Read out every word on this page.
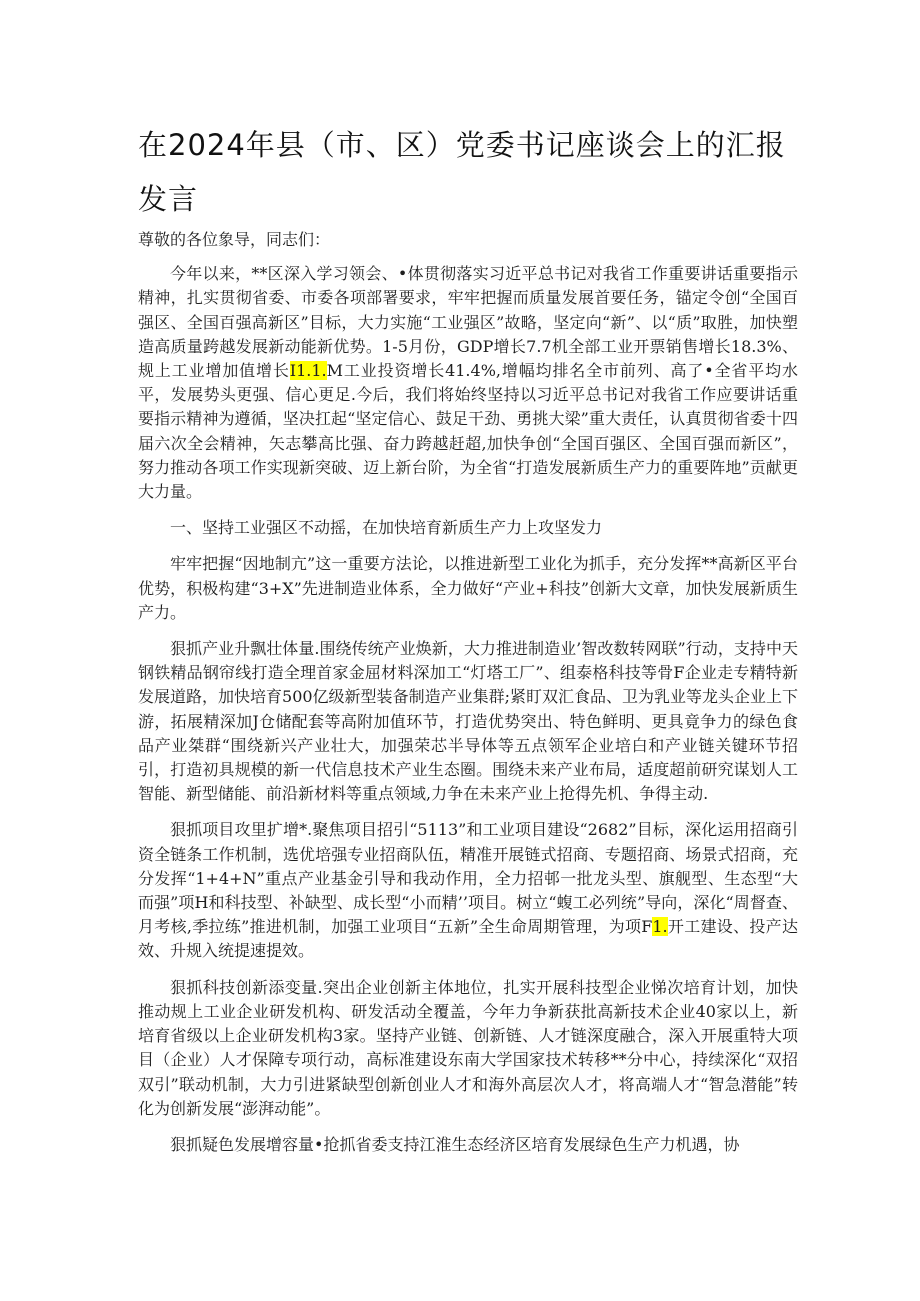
在2024年县（市、区）党委书记座谈会上的汇报发言

尊敬的各位象导，同志们：

今年以来，**区深入学习领会、•体贯彻落实习近平总书记对我省工作重要讲话重要指示精神，扎实贯彻省委、市委各项部署要求，牢牢把握而质量发展首要任务，锚定令创“全国百强区、全国百强高新区”目标，大力实施“工业强区”故略，坚定向“新”、以“质”取胜，加快塑造高质量跨越发展新动能新优势。1-5月份，GDP增长7.7机全部工业开票销售增长18.3%、规上工业增加值增长I1.1.M工业投资增长41.4%,增幅均排名全市前列、高了•全省平均水平，发展势头更强、信心更足.今后，我们将始终坚持以习近平总书记对我省工作应要讲话重要指示精神为遵循，坚决扛起“坚定信心、鼓足干劲、勇挑大梁”重大责任，认真贯彻省委十四届六次全会精神，矢志攀高比强、奋力跨越赶超,加快争创“全国百强区、全国百强而新区”，努力推动各项工作实现新突破、迈上新台阶，为全省“打造发展新质生产力的重要阵地”贡献更大力量。

一、坚持工业强区不动摇，在加快培育新质生产力上攻坚发力

牢牢把握“因地制亢”这一重要方法论，以推进新型工业化为抓手，充分发挥**高新区平台优势，积极构建“3+X”先进制造业体系，全力做好“产业+科技”创新大文章，加快发展新质生产力。

狠抓产业升飘壮体量.围绕传统产业焕新，大力推进制造业’智改数转网联”行动，支持中天钢铁精品钢帘线打造全理首家金屈材料深加工“灯塔工厂”、组泰格科技等骨F企业走专精特新发展道路，加快培育500亿级新型装备制造产业集群;紧盯双汇食品、卫为乳业等龙头企业上下游，拓展精深加J仓储配套等高附加值环节，打造优势突出、特色鲜明、更具竟争力的绿色食品产业桀群“围绕新兴产业壮大，加强荣芯半导体等五点领军企业培白和产业链关键环节招引，打造初具规模的新一代信息技术产业生态圈。围绕未来产业布局，适度超前研究谋划人工智能、新型储能、前沿新材料等重点领域,力争在未来产业上抢得先机、争得主动.

狠抓项目攻里扩增*.聚焦项目招引“5113”和工业项目建设“2682”目标，深化运用招商引资全链条工作机制，选优培强专业招商队伍，精准开展链式招商、专题招商、场景式招商，充分发挥“1+4+N”重点产业基金引导和我动作用，全力招邨一批龙头型、旗舰型、生态型“大而强”项H和科技型、补缺型、成长型“小而精’’项目。树立“蝮工必列统”导向，深化“周督查、月考核,季拉练”推进机制，加强工业项目“五新”全生命周期管理，为项F1.开工建设、投产达效、升规入统提速提效。

狠抓科技创新添变量.突出企业创新主体地位，扎实开展科技型企业悌次培育计划，加快推动规上工业企业研发机构、研发活动全覆盖，今年力争新获批高新技术企业40家以上，新培育省级以上企业研发机构3家。坚持产业链、创新链、人才链深度融合，深入开展重特大项目（企业）人才保障专项行动，高标准建设东南大学国家技术转移**分中心，持续深化“双招双引”联动机制，大力引进紧缺型创新创业人才和海外高层次人才，将高端人才“智急潜能”转化为创新发展“澎湃动能”。

狠抓疑色发展增容量•抢抓省委支持江淮生态经济区培育发展绿色生产力机遇，协
